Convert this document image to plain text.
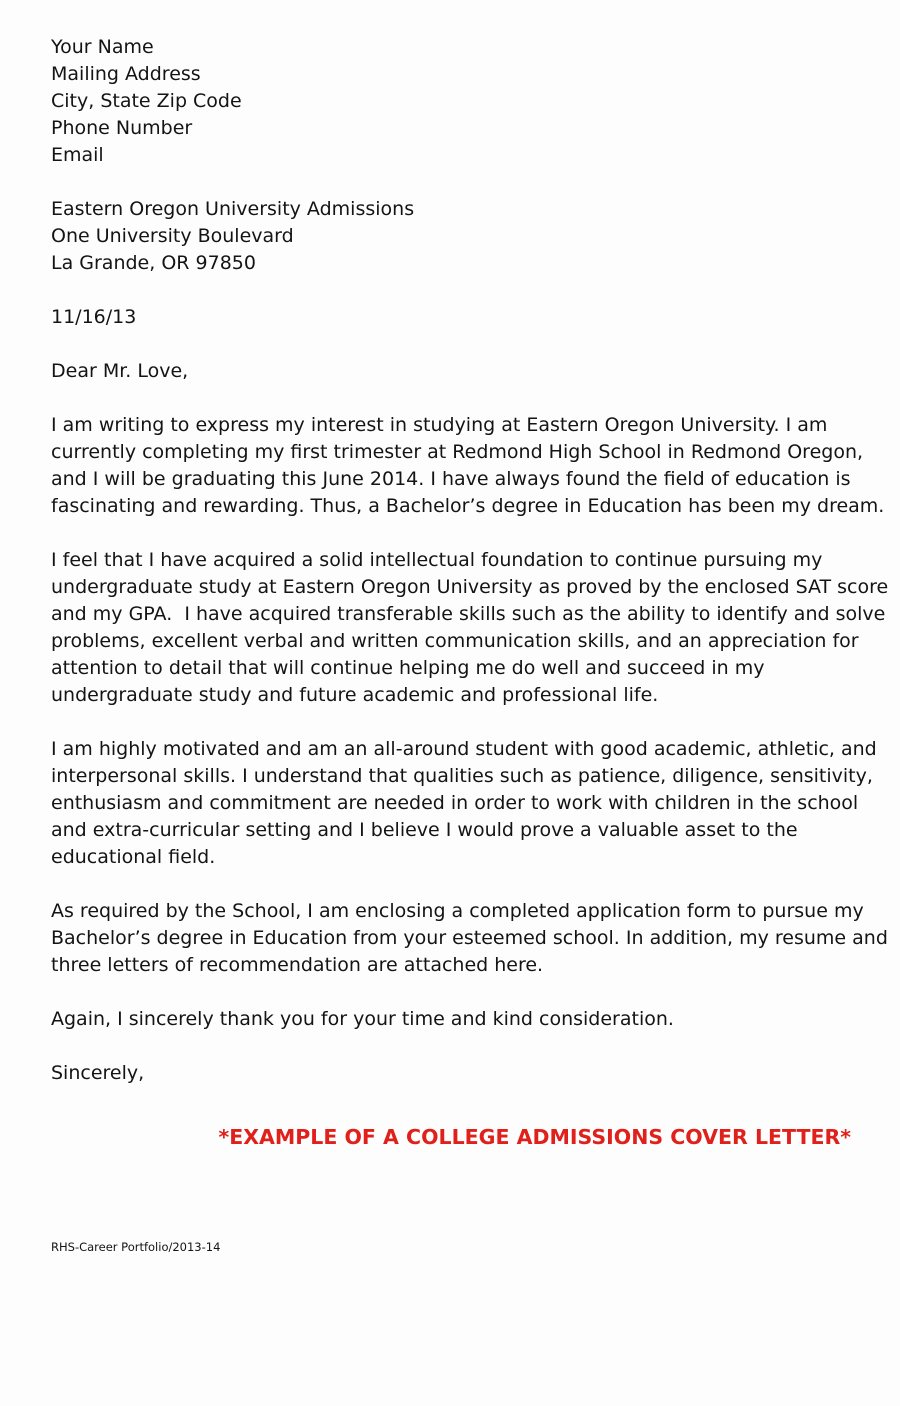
Your Name
Mailing Address
City, State Zip Code
Phone Number
Email
Eastern Oregon University Admissions
One University Boulevard
La Grande, OR 97850
11/16/13
Dear Mr. Love,
I am writing to express my interest in studying at Eastern Oregon University. I am
currently completing my first trimester at Redmond High School in Redmond Oregon,
and I will be graduating this June 2014. I have always found the field of education is
fascinating and rewarding. Thus, a Bachelor’s degree in Education has been my dream.
I feel that I have acquired a solid intellectual foundation to continue pursuing my
undergraduate study at Eastern Oregon University as proved by the enclosed SAT score
and my GPA.  I have acquired transferable skills such as the ability to identify and solve
problems, excellent verbal and written communication skills, and an appreciation for
attention to detail that will continue helping me do well and succeed in my
undergraduate study and future academic and professional life.
I am highly motivated and am an all-around student with good academic, athletic, and
interpersonal skills. I understand that qualities such as patience, diligence, sensitivity,
enthusiasm and commitment are needed in order to work with children in the school
and extra-curricular setting and I believe I would prove a valuable asset to the
educational field.
As required by the School, I am enclosing a completed application form to pursue my
Bachelor’s degree in Education from your esteemed school. In addition, my resume and
three letters of recommendation are attached here.
Again, I sincerely thank you for your time and kind consideration.
Sincerely,
*EXAMPLE OF A COLLEGE ADMISSIONS COVER LETTER*
RHS-Career Portfolio/2013-14
